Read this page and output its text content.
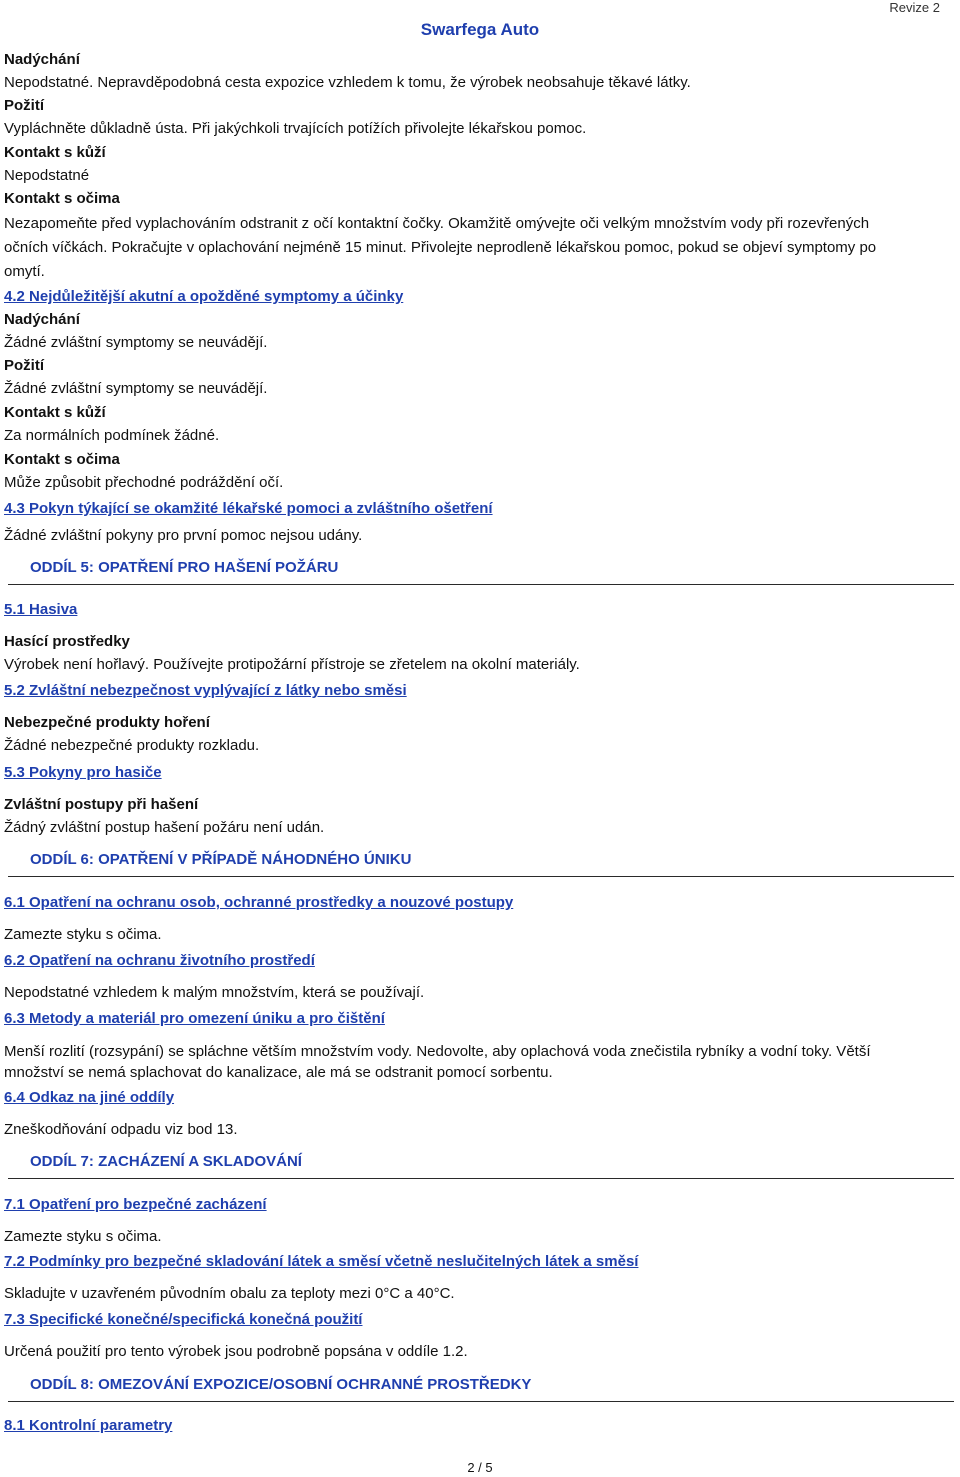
Swarfega Auto
Revize 2
Nadýchání
Nepodstatné. Nepravděpodobná cesta expozice vzhledem k tomu, že výrobek neobsahuje těkavé látky.
Požití
Vypláchněte důkladně ústa. Při jakýchkoli trvajících potížích přivolejte lékařskou pomoc.
Kontakt s kůží
Nepodstatné
Kontakt s očima
Nezapomeňte před vyplachováním odstranit z očí kontaktní čočky. Okamžitě omývejte oči velkým množstvím vody při rozevřených očních víčkách. Pokračujte v oplachování nejméně 15 minut. Přivolejte neprodleně lékařskou pomoc, pokud se objeví symptomy po omytí.
4.2 Nejdůležitější akutní a opožděné symptomy a účinky
Nadýchání
Žádné zvláštní symptomy se neuvádějí.
Požití
Žádné zvláštní symptomy se neuvádějí.
Kontakt s kůží
Za normálních podmínek žádné.
Kontakt s očima
Může způsobit přechodné podráždění očí.
4.3 Pokyn týkající se okamžité lékařské pomoci a zvláštního ošetření
Žádné zvláštní pokyny pro první pomoc nejsou udány.
ODDÍL 5: OPATŘENÍ PRO HAŠENÍ POŽÁRU
5.1 Hasiva
Hasící prostředky
Výrobek není hořlavý. Používejte protipožární přístroje se zřetelem na okolní materiály.
5.2 Zvláštní nebezpečnost vyplývající z látky nebo směsi
Nebezpečné produkty hoření
Žádné nebezpečné produkty rozkladu.
5.3 Pokyny pro hasiče
Zvláštní postupy při hašení
Žádný zvláštní postup hašení požáru není udán.
ODDÍL 6: OPATŘENÍ V PŘÍPADĚ NÁHODNÉHO ÚNIKU
6.1 Opatření na ochranu osob, ochranné prostředky a nouzové postupy
Zamezte styku s očima.
6.2 Opatření na ochranu životního prostředí
Nepodstatné vzhledem k malým množstvím, která se používají.
6.3 Metody a materiál pro omezení úniku a pro čištění
Menší rozlití (rozsypání) se spláchne větším množstvím vody. Nedovolte, aby oplachová voda znečistila rybníky a vodní toky. Větší množství se nemá splachovat do kanalizace, ale má se odstranit pomocí sorbentu.
6.4 Odkaz na jiné oddíly
Zneškodňování odpadu viz bod 13.
ODDÍL 7: ZACHÁZENÍ A SKLADOVÁNÍ
7.1 Opatření pro bezpečné zacházení
Zamezte styku s očima.
7.2 Podmínky pro bezpečné skladování látek a směsí včetně neslučitelných látek a směsí
Skladujte v uzavřeném původním obalu za teploty mezi 0°C a 40°C.
7.3 Specifické konečné/specifická konečná použití
Určená použití pro tento výrobek jsou podrobně popsána v oddíle 1.2.
ODDÍL 8: OMEZOVÁNÍ EXPOZICE/OSOBNÍ OCHRANNÉ PROSTŘEDKY
8.1 Kontrolní parametry
2 / 5
